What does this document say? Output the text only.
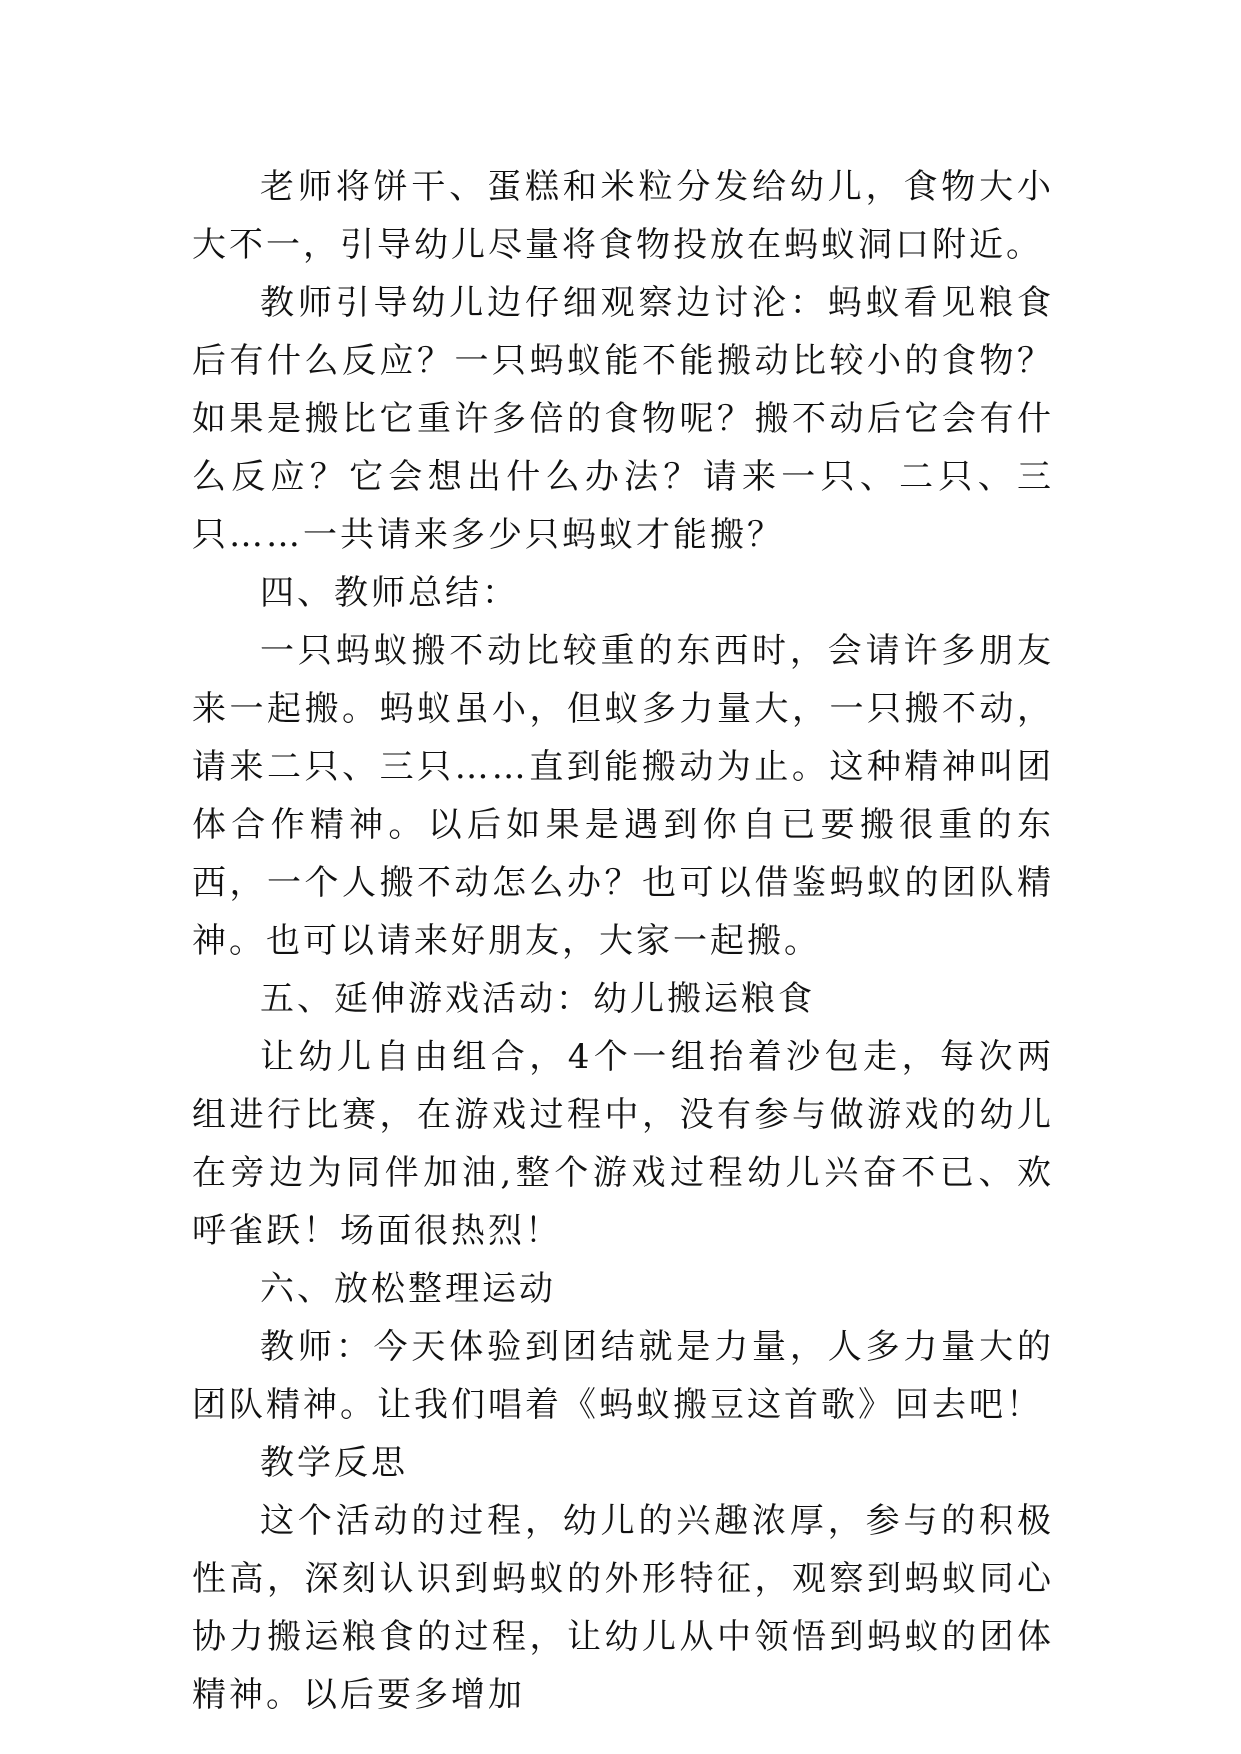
老师将饼干、蛋糕和米粒分发给幼儿，食物大小大不一，引导幼儿尽量将食物投放在蚂蚁洞口附近。

教师引导幼儿边仔细观察边讨沦：蚂蚁看见粮食后有什么反应？一只蚂蚁能不能搬动比较小的食物？如果是搬比它重许多倍的食物呢？搬不动后它会有什么反应？它会想出什么办法？请来一只、二只、三只……一共请来多少只蚂蚁才能搬？

四、教师总结：

一只蚂蚁搬不动比较重的东西时，会请许多朋友来一起搬。蚂蚁虽小，但蚁多力量大，一只搬不动，请来二只、三只……直到能搬动为止。这种精神叫团体合作精神。以后如果是遇到你自已要搬很重的东西，一个人搬不动怎么办？也可以借鉴蚂蚁的团队精神。也可以请来好朋友，大家一起搬。

五、延伸游戏活动：幼儿搬运粮食

让幼儿自由组合，4个一组抬着沙包走，每次两组进行比赛，在游戏过程中，没有参与做游戏的幼儿在旁边为同伴加油,整个游戏过程幼儿兴奋不已、欢呼雀跃！场面很热烈！

六、放松整理运动

教师：今天体验到团结就是力量，人多力量大的团队精神。让我们唱着《蚂蚁搬豆这首歌》回去吧！

教学反思

这个活动的过程，幼儿的兴趣浓厚，参与的积极性高，深刻认识到蚂蚁的外形特征，观察到蚂蚁同心协力搬运粮食的过程，让幼儿从中领悟到蚂蚁的团体精神。以后要多增加
